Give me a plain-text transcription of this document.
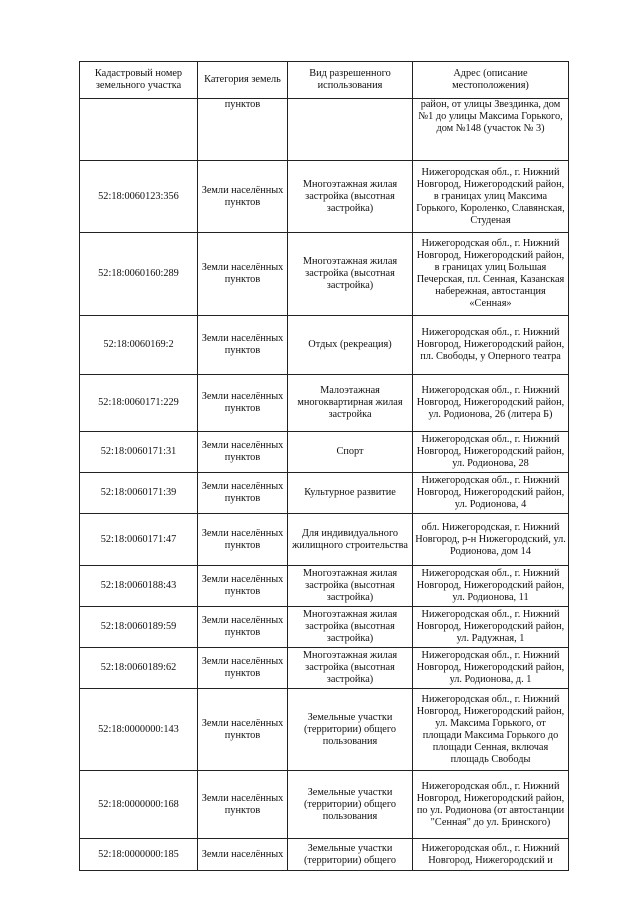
Кадастровый номер земельного участка	Категория земель	Вид разрешенного использования	Адрес (описание местоположения)
	пунктов		район, от улицы Звездинка, дом №1 до улицы Максима Горького, дом №148 (участок № 3)
52:18:0060123:356	Земли населённых пунктов	Многоэтажная жилая застройка (высотная застройка)	Нижегородская обл., г. Нижний Новгород, Нижегородский район, в границах улиц Максима Горького, Короленко, Славянская, Студеная
52:18:0060160:289	Земли населённых пунктов	Многоэтажная жилая застройка (высотная застройка)	Нижегородская обл., г. Нижний Новгород, Нижегородский район, в границах улиц Большая Печерская, пл. Сенная, Казанская набережная, автостанция «Сенная»
52:18:0060169:2	Земли населённых пунктов	Отдых (рекреация)	Нижегородская обл., г. Нижний Новгород, Нижегородский район, пл. Свободы, у Оперного театра
52:18:0060171:229	Земли населённых пунктов	Малоэтажная многоквартирная жилая застройка	Нижегородская обл., г. Нижний Новгород, Нижегородский район, ул. Родионова, 26 (литера Б)
52:18:0060171:31	Земли населённых пунктов	Спорт	Нижегородская обл., г. Нижний Новгород, Нижегородский район, ул. Родионова, 28
52:18:0060171:39	Земли населённых пунктов	Культурное развитие	Нижегородская обл., г. Нижний Новгород, Нижегородский район, ул. Родионова, 4
52:18:0060171:47	Земли населённых пунктов	Для индивидуального жилищного строительства	обл. Нижегородская, г. Нижний Новгород, р-н Нижегородский, ул. Родионова, дом 14
52:18:0060188:43	Земли населённых пунктов	Многоэтажная жилая застройка (высотная застройка)	Нижегородская обл., г. Нижний Новгород, Нижегородский район, ул. Родионова, 11
52:18:0060189:59	Земли населённых пунктов	Многоэтажная жилая застройка (высотная застройка)	Нижегородская обл., г. Нижний Новгород, Нижегородский район, ул. Радужная, 1
52:18:0060189:62	Земли населённых пунктов	Многоэтажная жилая застройка (высотная застройка)	Нижегородская обл., г. Нижний Новгород, Нижегородский район, ул. Родионова, д. 1
52:18:0000000:143	Земли населённых пунктов	Земельные участки (территории) общего пользования	Нижегородская обл., г. Нижний Новгород, Нижегородский район, ул. Максима Горького, от площади Максима Горького до площади Сенная, включая площадь Свободы
52:18:0000000:168	Земли населённых пунктов	Земельные участки (территории) общего пользования	Нижегородская обл., г. Нижний Новгород, Нижегородский район, по ул. Родионова (от автостанции "Сенная" до ул. Бринского)
52:18:0000000:185	Земли населённых	Земельные участки (территории) общего	Нижегородская обл., г. Нижний Новгород, Нижегородский и
